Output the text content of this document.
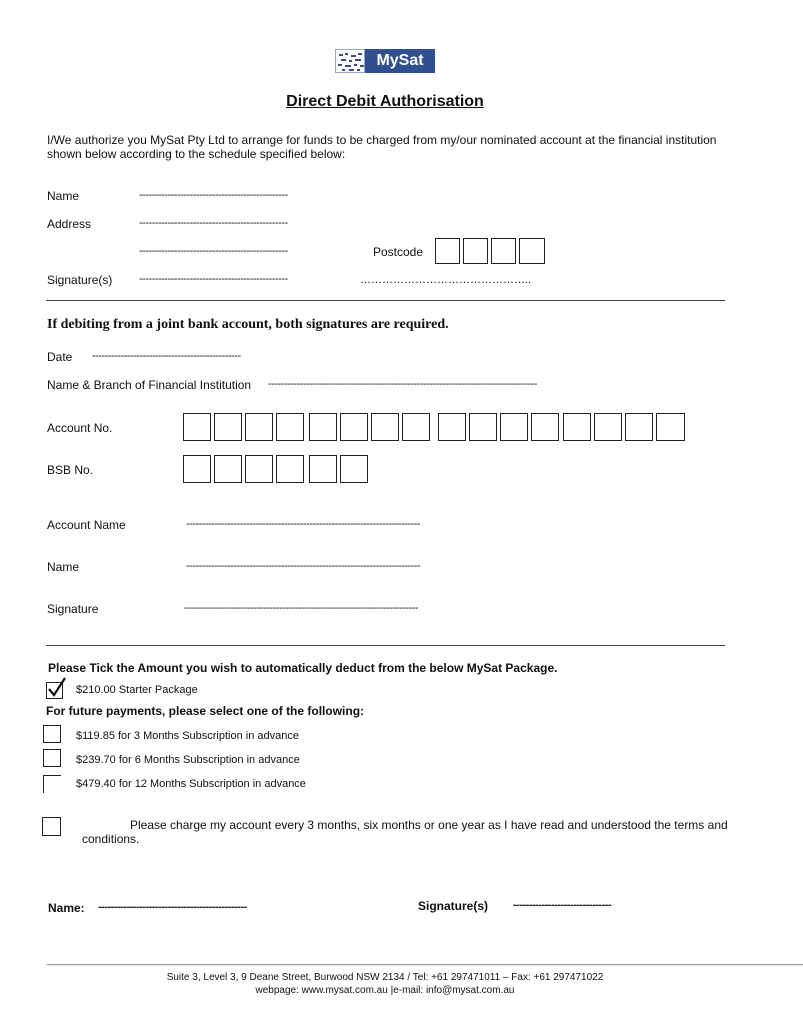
MySat
Direct Debit Authorisation
I/We authorize you MySat Pty Ltd to arrange for funds to be charged from my/our nominated account at the financial institution shown below according to the schedule specified below:
Name	-----------------------------------------------
Address	-----------------------------------------------
-----------------------------------------------	Postcode
Signature(s) -----------------------------------------------	………………………………………..
If debiting from a joint bank account, both signatures are required.
Date -----------------------------------------------
Name & Branch of Financial Institution -------------------------------------------------------------------------------------
Account No.
BSB No.
Account Name	--------------------------------------------------------------------------
Name	--------------------------------------------------------------------------
Signature	--------------------------------------------------------------------------
Please Tick the Amount you wish to automatically deduct from the below MySat Package.
$210.00 Starter Package
For future payments, please select one of the following:
$119.85 for 3 Months Subscription in advance
$239.70 for 6 Months Subscription in advance
$479.40 for 12 Months Subscription in advance
Please charge my account every 3 months, six months or one year as I have read and understood the terms and conditions.
Name: -----------------------------------------------	Signature(s) -------------------------------
________________________________________________________________________________________________________________________________________
Suite 3, Level 3, 9 Deane Street, Burwood NSW 2134 / Tel: +61 297471011 – Fax: +61 297471022
webpage: www.mysat.com.au |e-mail: info@mysat.com.au
